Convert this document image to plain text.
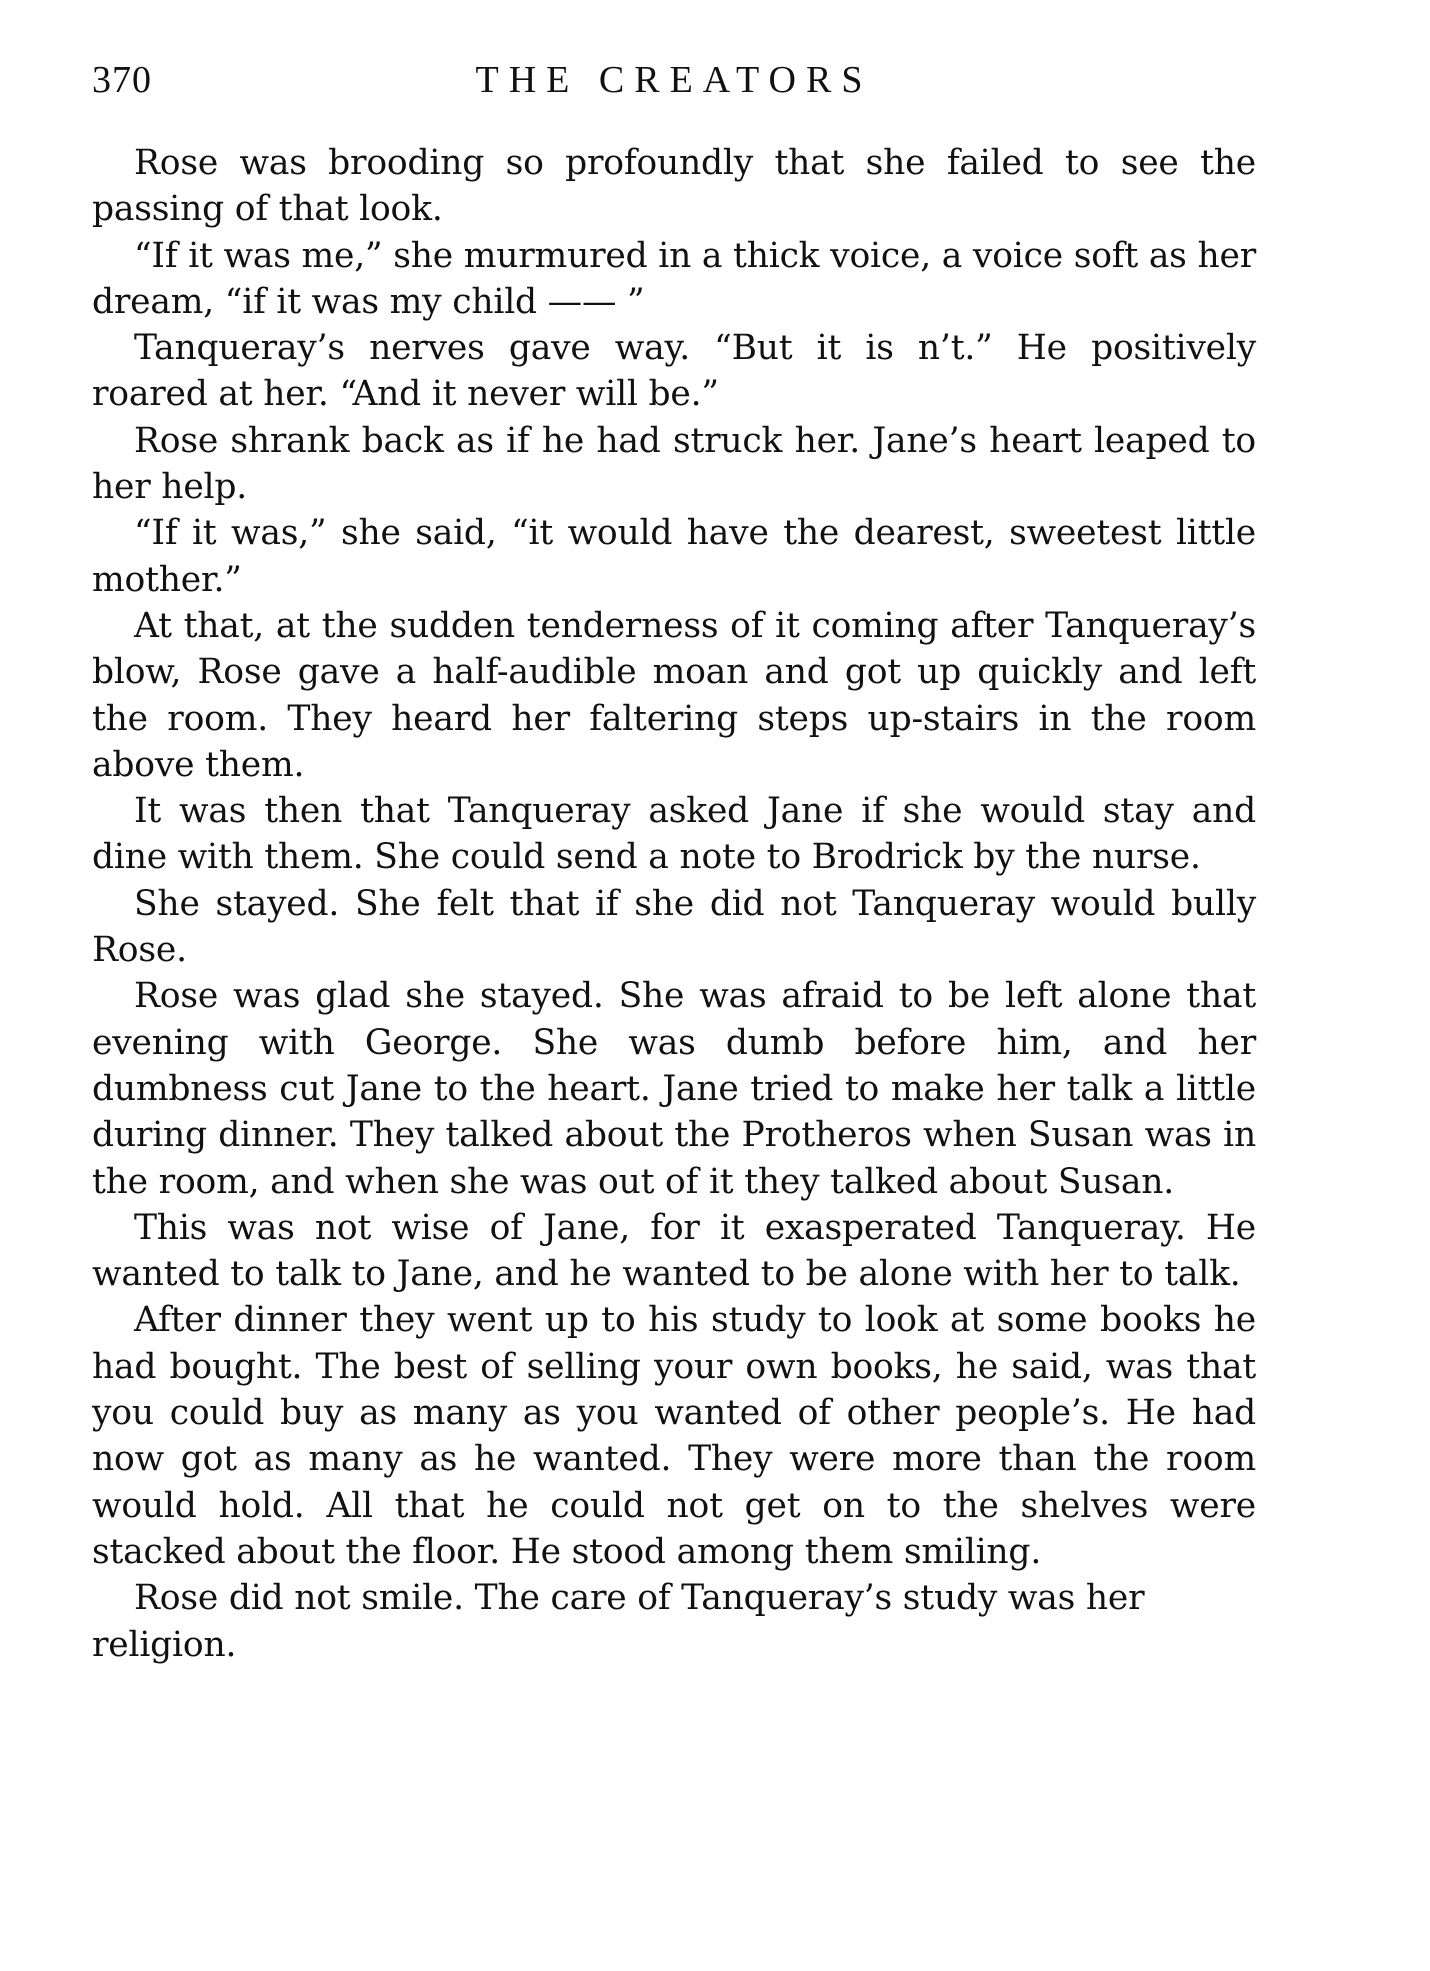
370	THE CREATORS

Rose was brooding so profoundly that she failed to see the passing of that look.

“If it was me,” she murmured in a thick voice, a voice soft as her dream, “if it was my child —— ”

Tanqueray’s nerves gave way. “But it is n’t.” He positively roared at her. “And it never will be.”

Rose shrank back as if he had struck her. Jane’s heart leaped to her help.

“If it was,” she said, “it would have the dearest, sweetest little mother.”

At that, at the sudden tenderness of it coming after Tanqueray’s blow, Rose gave a half-audible moan and got up quickly and left the room. They heard her faltering steps up-stairs in the room above them.

It was then that Tanqueray asked Jane if she would stay and dine with them. She could send a note to Brodrick by the nurse.

She stayed. She felt that if she did not Tanqueray would bully Rose.

Rose was glad she stayed. She was afraid to be left alone that evening with George. She was dumb before him, and her dumbness cut Jane to the heart. Jane tried to make her talk a little during dinner. They talked about the Protheros when Susan was in the room, and when she was out of it they talked about Susan.

This was not wise of Jane, for it exasperated Tanqueray. He wanted to talk to Jane, and he wanted to be alone with her to talk.

After dinner they went up to his study to look at some books he had bought. The best of selling your own books, he said, was that you could buy as many as you wanted of other people’s. He had now got as many as he wanted. They were more than the room would hold. All that he could not get on to the shelves were stacked about the floor. He stood among them smiling.

Rose did not smile. The care of Tanqueray’s study was her religion.
